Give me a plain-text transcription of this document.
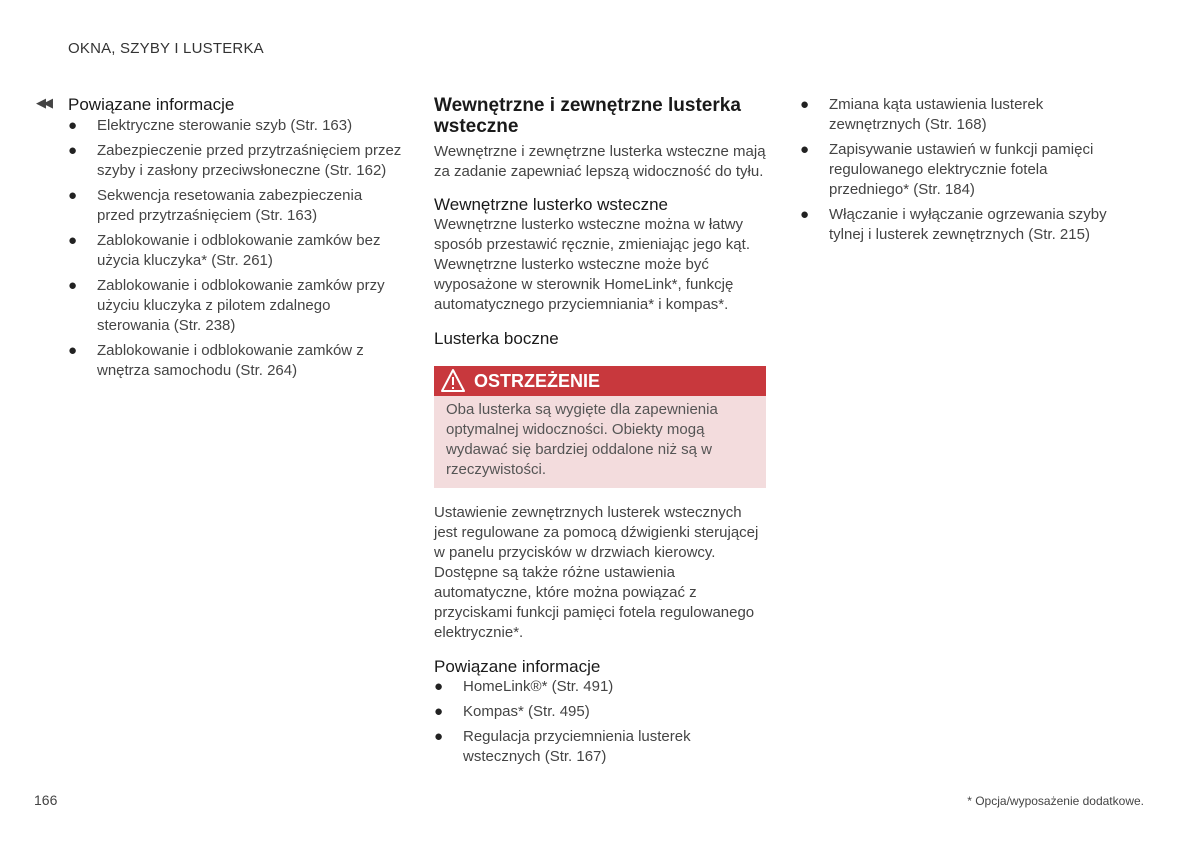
OKNA, SZYBY I LUSTERKA
◀◀ Powiązane informacje
● Elektryczne sterowanie szyb (Str. 163)
● Zabezpieczenie przed przytrzaśnięciem przez szyby i zasłony przeciwsłoneczne (Str. 162)
● Sekwencja resetowania zabezpieczenia przed przytrzaśnięciem (Str. 163)
● Zablokowanie i odblokowanie zamków bez użycia kluczyka* (Str. 261)
● Zablokowanie i odblokowanie zamków przy użyciu kluczyka z pilotem zdalnego sterowania (Str. 238)
● Zablokowanie i odblokowanie zamków z wnętrza samochodu (Str. 264)
Wewnętrzne i zewnętrzne lusterka wsteczne

Wewnętrzne i zewnętrzne lusterka wsteczne mają za zadanie zapewniać lepszą widoczność do tyłu.

Wewnętrzne lusterko wsteczne

Wewnętrzne lusterko wsteczne można w łatwy sposób przestawić ręcznie, zmieniając jego kąt. Wewnętrzne lusterko wsteczne może być wyposażone w sterownik HomeLink*, funkcję automatycznego przyciemniania* i kompas*.

Lusterka boczne
OSTRZEŻENIE
Oba lusterka są wygięte dla zapewnienia optymalnej widoczności. Obiekty mogą wydawać się bardziej oddalone niż są w rzeczywistości.

Ustawienie zewnętrznych lusterek wstecznych jest regulowane za pomocą dźwigienki sterującej w panelu przycisków w drzwiach kierowcy. Dostępne są także różne ustawienia automatyczne, które można powiązać z przyciskami funkcji pamięci fotela regulowanego elektrycznie*.

Powiązane informacje
● HomeLink®* (Str. 491)
● Kompas* (Str. 495)
● Regulacja przyciemnienia lusterek wstecznych (Str. 167)
● Zmiana kąta ustawienia lusterek zewnętrznych (Str. 168)
● Zapisywanie ustawień w funkcji pamięci regulowanego elektrycznie fotela przedniego* (Str. 184)
● Włączanie i wyłączanie ogrzewania szyby tylnej i lusterek zewnętrznych (Str. 215)
166	* Opcja/wyposażenie dodatkowe.
